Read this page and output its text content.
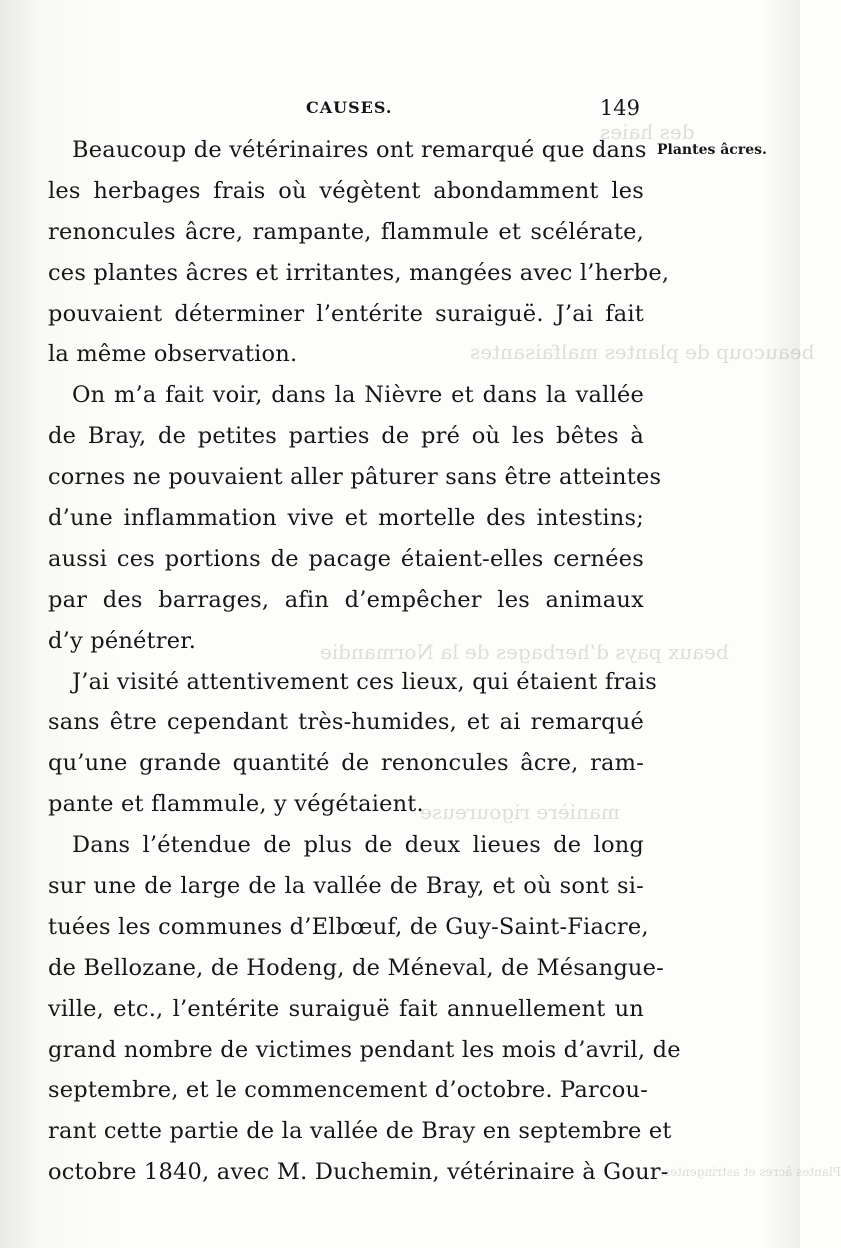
des haies
beaucoup de plantes malfaisantes
beaux pays d’herbages de la Normandie
manière rigoureuse
Plantes âcres et astringentes.
CAUSES.	149
Plantes âcres.
Beaucoup de vétérinaires ont remarqué que dans
les herbages frais où végètent abondamment les
renoncules âcre, rampante, flammule et scélérate,
ces plantes âcres et irritantes, mangées avec l’herbe,
pouvaient déterminer l’entérite suraiguë. J’ai fait
la même observation.
On m’a fait voir, dans la Nièvre et dans la vallée
de Bray, de petites parties de pré où les bêtes à
cornes ne pouvaient aller pâturer sans être atteintes
d’une inflammation vive et mortelle des intestins;
aussi ces portions de pacage étaient-elles cernées
par des barrages, afin d’empêcher les animaux
d’y pénétrer.
J’ai visité attentivement ces lieux, qui étaient frais
sans être cependant très-humides, et ai remarqué
qu’une grande quantité de renoncules âcre, ram-
pante et flammule, y végétaient.
Dans l’étendue de plus de deux lieues de long
sur une de large de la vallée de Bray, et où sont si-
tuées les communes d’Elbœuf, de Guy-Saint-Fiacre,
de Bellozane, de Hodeng, de Méneval, de Mésangue-
ville, etc., l’entérite suraiguë fait annuellement un
grand nombre de victimes pendant les mois d’avril, de
septembre, et le commencement d’octobre. Parcou-
rant cette partie de la vallée de Bray en septembre et
octobre 1840, avec M. Duchemin, vétérinaire à Gour-
